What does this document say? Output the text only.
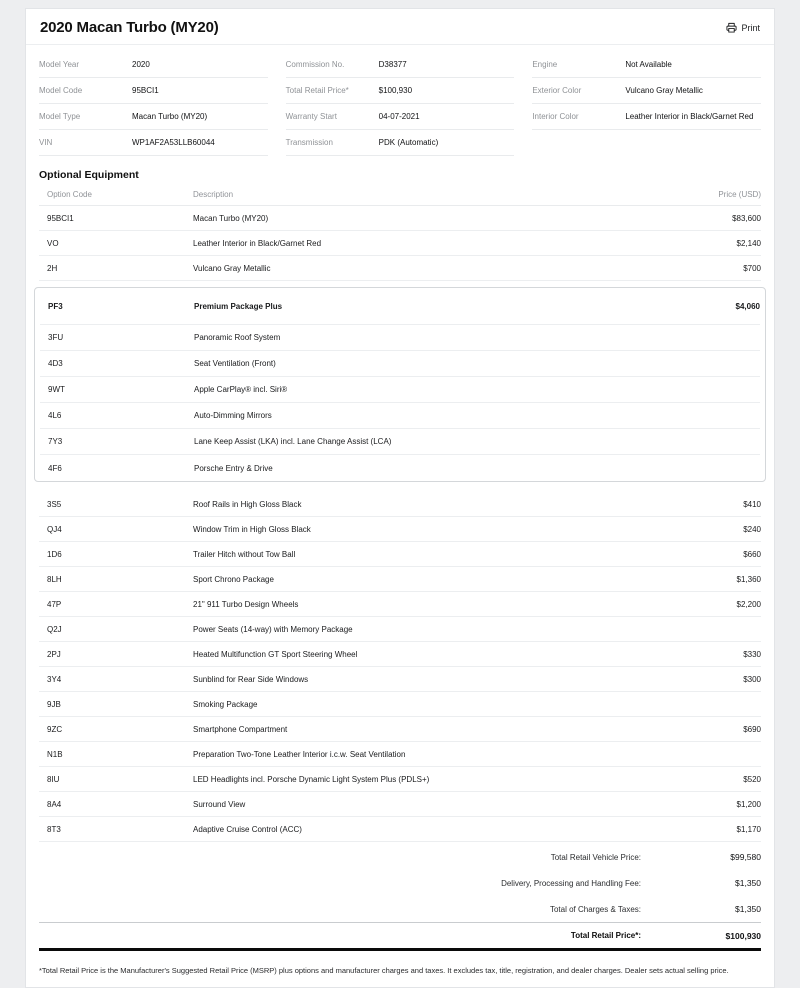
2020 Macan Turbo (MY20)	Print
Model Year	2020
Model Code	95BCI1
Model Type	Macan Turbo (MY20)
VIN	WP1AF2A53LLB60044
Commission No.	D38377
Total Retail Price*	$100,930
Warranty Start	04-07-2021
Transmission	PDK (Automatic)
Engine	Not Available
Exterior Color	Vulcano Gray Metallic
Interior Color	Leather Interior in Black/Garnet Red
Optional Equipment
Option Code	Description	Price (USD)
95BCI1	Macan Turbo (MY20)	$83,600
VO	Leather Interior in Black/Garnet Red	$2,140
2H	Vulcano Gray Metallic	$700
PF3	Premium Package Plus	$4,060
3FU	Panoramic Roof System
4D3	Seat Ventilation (Front)
9WT	Apple CarPlay® incl. Siri®
4L6	Auto-Dimming Mirrors
7Y3	Lane Keep Assist (LKA) incl. Lane Change Assist (LCA)
4F6	Porsche Entry & Drive
3S5	Roof Rails in High Gloss Black	$410
QJ4	Window Trim in High Gloss Black	$240
1D6	Trailer Hitch without Tow Ball	$660
8LH	Sport Chrono Package	$1,360
47P	21" 911 Turbo Design Wheels	$2,200
Q2J	Power Seats (14-way) with Memory Package
2PJ	Heated Multifunction GT Sport Steering Wheel	$330
3Y4	Sunblind for Rear Side Windows	$300
9JB	Smoking Package
9ZC	Smartphone Compartment	$690
N1B	Preparation Two-Tone Leather Interior i.c.w. Seat Ventilation
8IU	LED Headlights incl. Porsche Dynamic Light System Plus (PDLS+)	$520
8A4	Surround View	$1,200
8T3	Adaptive Cruise Control (ACC)	$1,170
Total Retail Vehicle Price:	$99,580
Delivery, Processing and Handling Fee:	$1,350
Total of Charges & Taxes:	$1,350
Total Retail Price*:	$100,930

*Total Retail Price is the Manufacturer's Suggested Retail Price (MSRP) plus options and manufacturer charges and taxes. It excludes tax, title, registration, and dealer charges. Dealer sets actual selling price.
